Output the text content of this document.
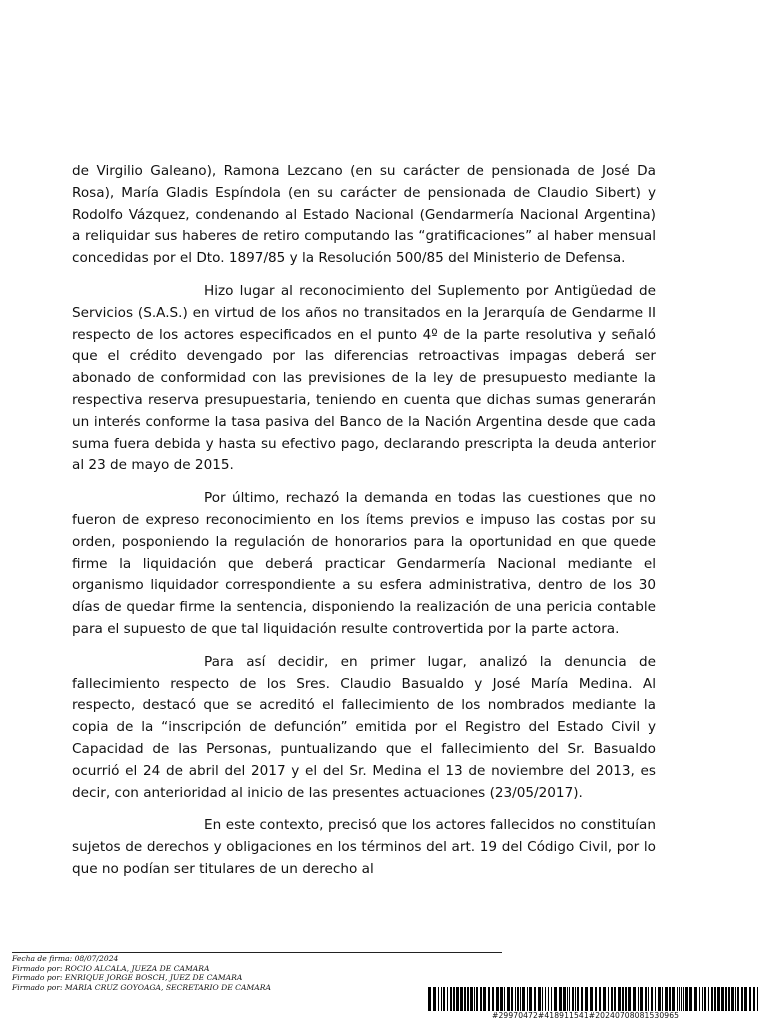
de Virgilio Galeano), Ramona Lezcano (en su carácter de pensionada de José Da Rosa), María Gladis Espíndola (en su carácter de pensionada de Claudio Sibert) y Rodolfo Vázquez, condenando al Estado Nacional (Gendarmería Nacional Argentina) a reliquidar sus haberes de retiro computando las “gratificaciones” al haber mensual concedidas por el Dto. 1897/85 y la Resolución 500/85 del Ministerio de Defensa.

Hizo lugar al reconocimiento del Suplemento por Antigüedad de Servicios (S.A.S.) en virtud de los años no transitados en la Jerarquía de Gendarme II respecto de los actores especificados en el punto 4º de la parte resolutiva y señaló que el crédito devengado por las diferencias retroactivas impagas deberá ser abonado de conformidad con las previsiones de la ley de presupuesto mediante la respectiva reserva presupuestaria, teniendo en cuenta que dichas sumas generarán un interés conforme la tasa pasiva del Banco de la Nación Argentina desde que cada suma fuera debida y hasta su efectivo pago, declarando prescripta la deuda anterior al 23 de mayo de 2015.

Por último, rechazó la demanda en todas las cuestiones que no fueron de expreso reconocimiento en los ítems previos e impuso las costas por su orden, posponiendo la regulación de honorarios para la oportunidad en que quede firme la liquidación que deberá practicar Gendarmería Nacional mediante el organismo liquidador correspondiente a su esfera administrativa, dentro de los 30 días de quedar firme la sentencia, disponiendo la realización de una pericia contable para el supuesto de que tal liquidación resulte controvertida por la parte actora.

Para así decidir, en primer lugar, analizó la denuncia de fallecimiento respecto de los Sres. Claudio Basualdo y José María Medina. Al respecto, destacó que se acreditó el fallecimiento de los nombrados mediante la copia de la “inscripción de defunción” emitida por el Registro del Estado Civil y Capacidad de las Personas, puntualizando que el fallecimiento del Sr. Basualdo ocurrió el 24 de abril del 2017 y el del Sr. Medina el 13 de noviembre del 2013, es decir, con anterioridad al inicio de las presentes actuaciones (23/05/2017).

En este contexto, precisó que los actores fallecidos no constituían sujetos de derechos y obligaciones en los términos del art. 19 del Código Civil, por lo que no podían ser titulares de un derecho al

Fecha de firma: 08/07/2024
Firmado por: ROCIO ALCALA, JUEZA DE CAMARA
Firmado por: ENRIQUE JORGE BOSCH, JUEZ DE CAMARA
Firmado por: MARIA CRUZ GOYOAGA, SECRETARIO DE CAMARA
#29970472#418911541#20240708081530965
